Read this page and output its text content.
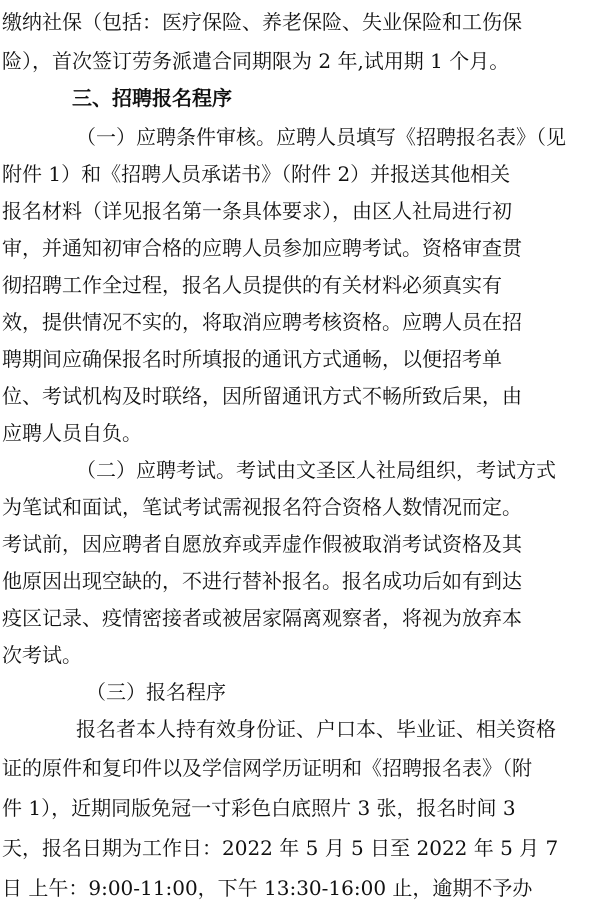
缴纳社保（包括：医疗保险、养老保险、失业保险和工伤保
险），首次签订劳务派遣合同期限为 2 年,试用期 1 个月。
三、招聘报名程序
（一）应聘条件审核。应聘人员填写《招聘报名表》（见
附件 1）和《招聘人员承诺书》（附件 2）并报送其他相关
报名材料（详见报名第一条具体要求），由区人社局进行初
审，并通知初审合格的应聘人员参加应聘考试。资格审查贯
彻招聘工作全过程，报名人员提供的有关材料必须真实有
效，提供情况不实的，将取消应聘考核资格。应聘人员在招
聘期间应确保报名时所填报的通讯方式通畅，以便招考单
位、考试机构及时联络，因所留通讯方式不畅所致后果，由
应聘人员自负。
（二）应聘考试。考试由文圣区人社局组织，考试方式
为笔试和面试，笔试考试需视报名符合资格人数情况而定。
考试前，因应聘者自愿放弃或弄虚作假被取消考试资格及其
他原因出现空缺的，不进行替补报名。报名成功后如有到达
疫区记录、疫情密接者或被居家隔离观察者，将视为放弃本
次考试。
（三）报名程序
报名者本人持有效身份证、户口本、毕业证、相关资格
证的原件和复印件以及学信网学历证明和《招聘报名表》（附
件 1），近期同版免冠一寸彩色白底照片 3 张，报名时间 3
天，报名日期为工作日：2022 年 5 月 5 日至 2022 年 5 月 7
日 上午：9:00-11:00，下午 13:30-16:00 止，逾期不予办
